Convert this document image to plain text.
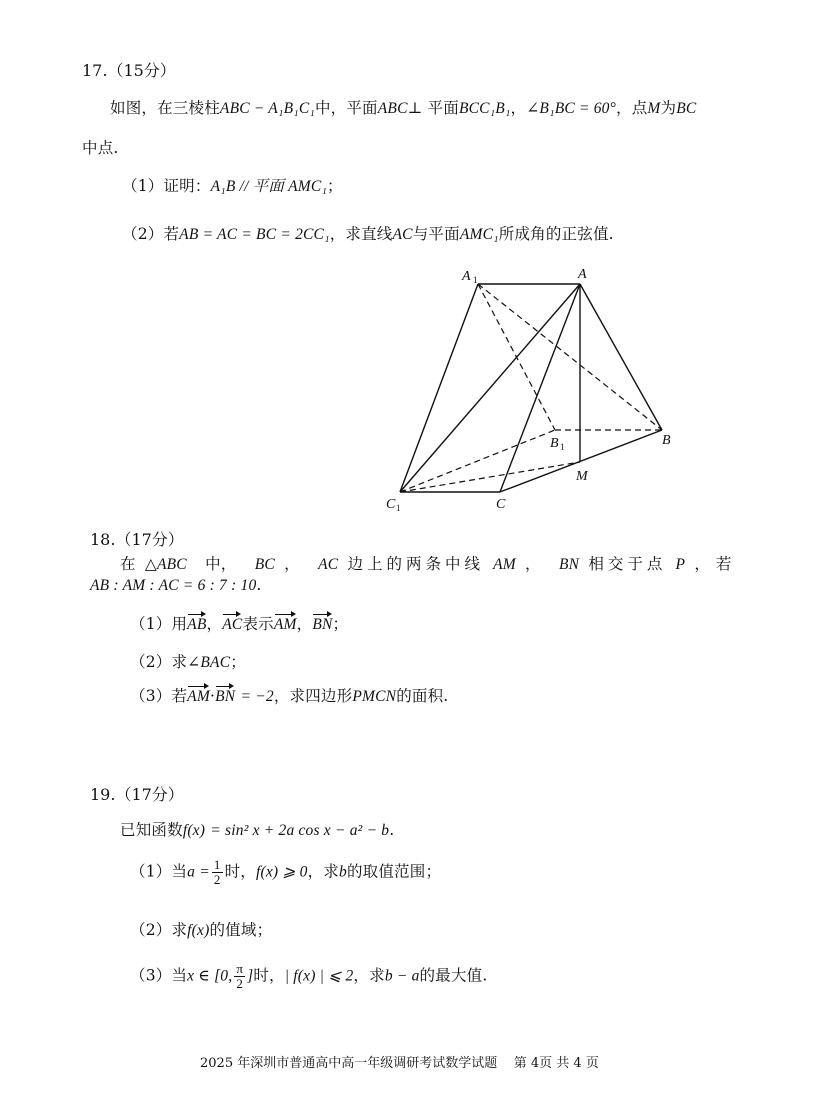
17.（15分）
如图，在三棱柱ABC − A₁B₁C₁中，平面ABC⊥ 平面BCC₁B₁，∠B₁BC = 60°，点M为BC
中点.
（1）证明：A₁B // 平面 AMC₁；
（2）若AB = AC = BC = 2CC₁，求直线AC与平面AMC₁所成角的正弦值.
A 1	A
B 1	B
M
C 1	C
18.（17分）
在 △ABC 中， BC ， AC 边上的两条中线 AM ， BN 相交于点 P ，若
AB : AM : AC = 6 : 7 : 10.
（1）用AB，AC表示AM，BN；
（2）求∠BAC；
（3）若AM·BN = −2，求四边形PMCN的面积.
19.（17分）
已知函数f(x) = sin² x + 2a cos x − a² − b.
（1）当$a = \frac{1}{2}$ 时，f(x) ⩾ 0，求b的取值范围；
（2）求f(x)的值域；
（3）当x ∈ [0, $\frac{\pi}{2}$ ]时，| f(x) | ⩽ 2，求b − a的最大值.
2025 年深圳市普通高中高一年级调研考试数学试题 第 4页 共 4 页
